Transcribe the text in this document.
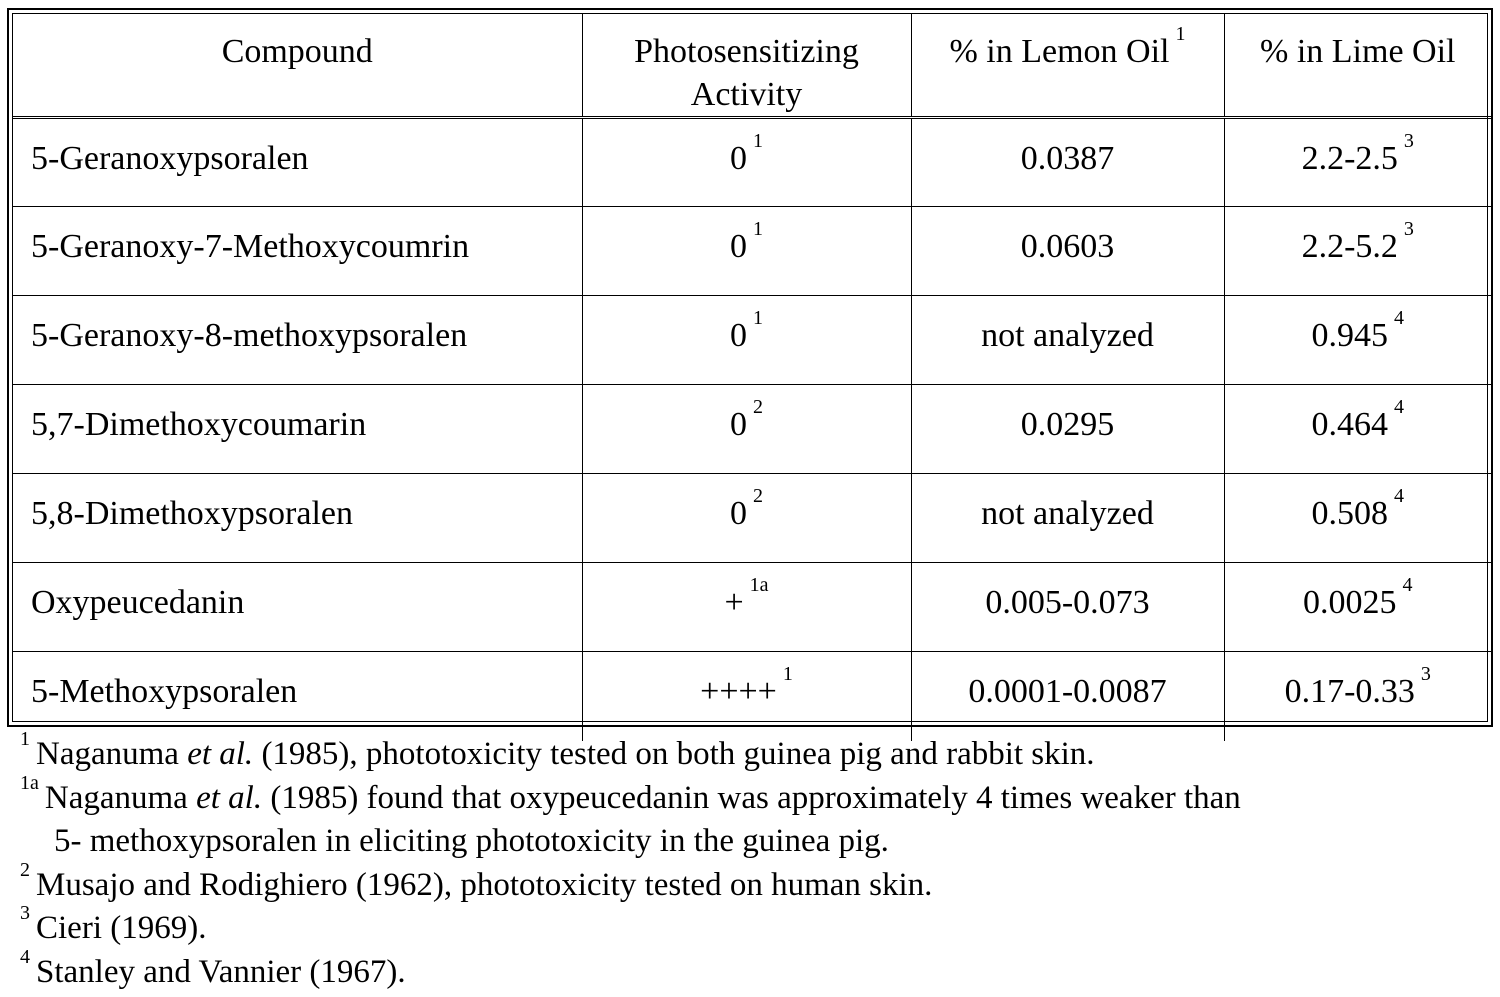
Compound	Photosensitizing Activity	% in Lemon Oil $^1$	% in Lime Oil
5-Geranoxypsoralen	0 $^1$	0.0387	2.2-2.5 $^3$
5-Geranoxy-7-Methoxycoumrin	0 $^1$	0.0603	2.2-5.2 $^3$
5-Geranoxy-8-methoxypsoralen	0 $^1$	not analyzed	0.945 $^4$
5,7-Dimethoxycoumarin	0 $^2$	0.0295	0.464 $^4$
5,8-Dimethoxypsoralen	0 $^2$	not analyzed	0.508 $^4$
Oxypeucedanin	+ $^{1a}$	0.005-0.073	0.0025 $^4$
5-Methoxypsoralen	++++ $^1$	0.0001-0.0087	0.17-0.33 $^3$
$^1$ Naganuma et al. (1985), phototoxicity tested on both guinea pig and rabbit skin.
$^{1a}$ Naganuma et al. (1985) found that oxypeucedanin was approximately 4 times weaker than
5- methoxypsoralen in eliciting phototoxicity in the guinea pig.
$^2$ Musajo and Rodighiero (1962), phototoxicity tested on human skin.
$^3$ Cieri (1969).
$^4$ Stanley and Vannier (1967).
